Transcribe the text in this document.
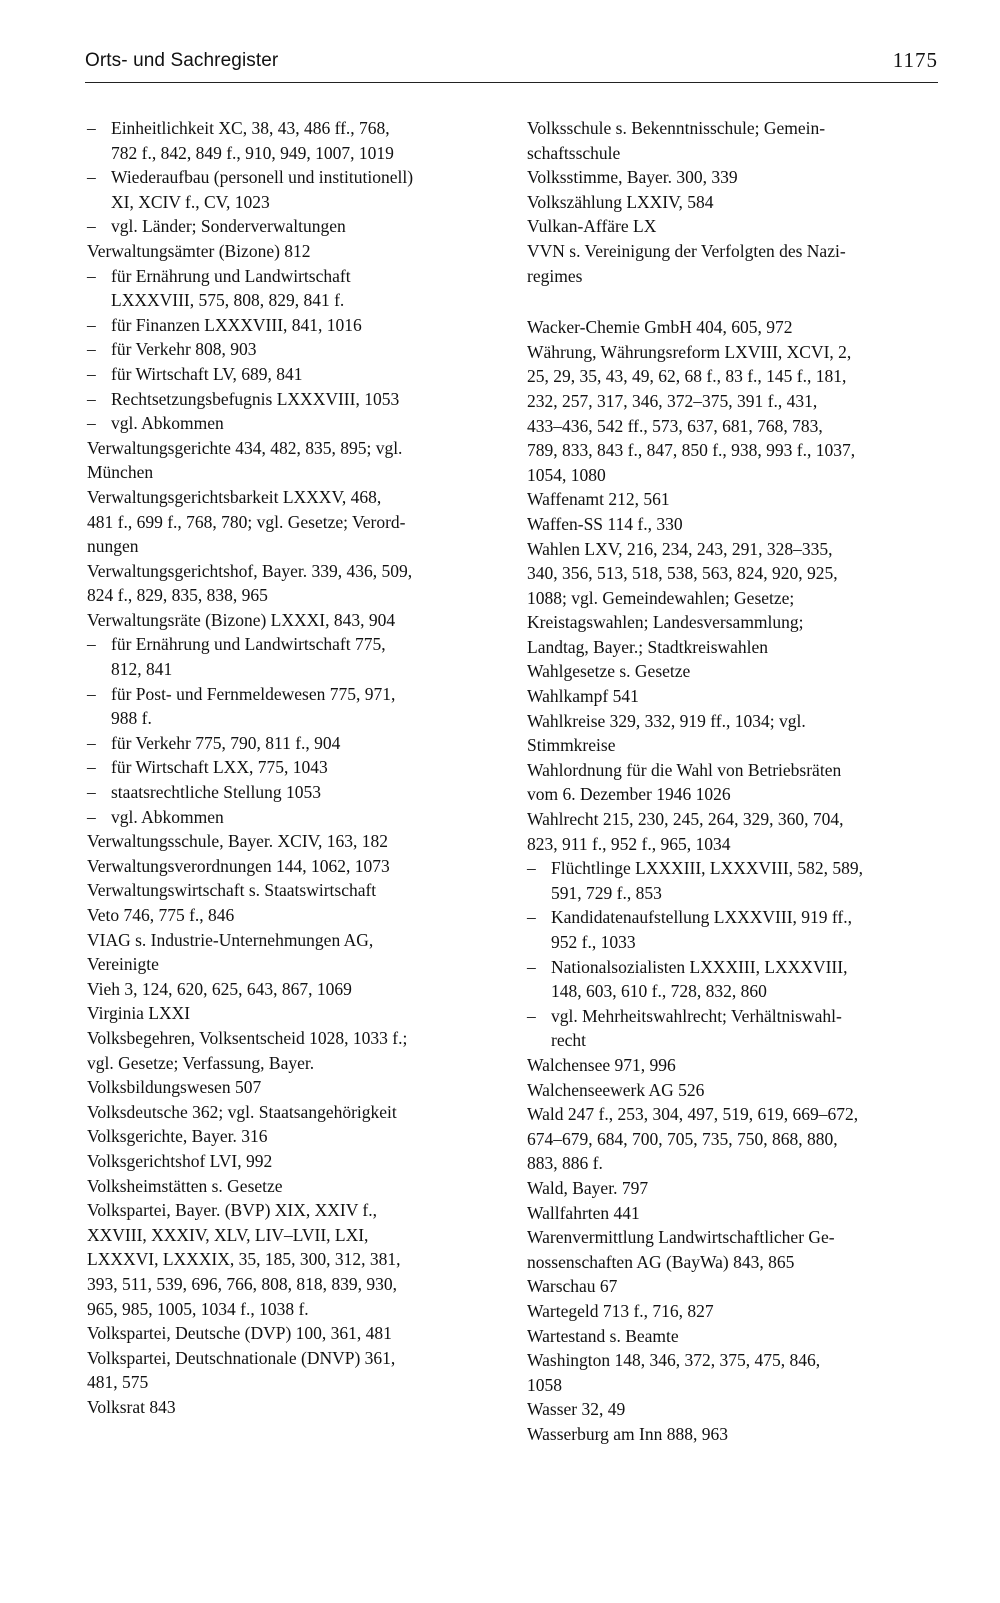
Orts- und Sachregister	1175
– Einheitlichkeit XC, 38, 43, 486 ff., 768,
782 f., 842, 849 f., 910, 949, 1007, 1019
– Wiederaufbau (personell und institutionell)
XI, XCIV f., CV, 1023
– vgl. Länder; Sonderverwaltungen
Verwaltungsämter (Bizone) 812
– für Ernährung und Landwirtschaft
LXXXVIII, 575, 808, 829, 841 f.
– für Finanzen LXXXVIII, 841, 1016
– für Verkehr 808, 903
– für Wirtschaft LV, 689, 841
– Rechtsetzungsbefugnis LXXXVIII, 1053
– vgl. Abkommen
Verwaltungsgerichte 434, 482, 835, 895; vgl.
München
Verwaltungsgerichtsbarkeit LXXXV, 468,
481 f., 699 f., 768, 780; vgl. Gesetze; Verord-
nungen
Verwaltungsgerichtshof, Bayer. 339, 436, 509,
824 f., 829, 835, 838, 965
Verwaltungsräte (Bizone) LXXXI, 843, 904
– für Ernährung und Landwirtschaft 775,
812, 841
– für Post- und Fernmeldewesen 775, 971,
988 f.
– für Verkehr 775, 790, 811 f., 904
– für Wirtschaft LXX, 775, 1043
– staatsrechtliche Stellung 1053
– vgl. Abkommen
Verwaltungsschule, Bayer. XCIV, 163, 182
Verwaltungsverordnungen 144, 1062, 1073
Verwaltungswirtschaft s. Staatswirtschaft
Veto 746, 775 f., 846
VIAG s. Industrie-Unternehmungen AG,
Vereinigte
Vieh 3, 124, 620, 625, 643, 867, 1069
Virginia LXXI
Volksbegehren, Volksentscheid 1028, 1033 f.;
vgl. Gesetze; Verfassung, Bayer.
Volksbildungswesen 507
Volksdeutsche 362; vgl. Staatsangehörigkeit
Volksgerichte, Bayer. 316
Volksgerichtshof LVI, 992
Volksheimstätten s. Gesetze
Volkspartei, Bayer. (BVP) XIX, XXIV f.,
XXVIII, XXXIV, XLV, LIV–LVII, LXI,
LXXXVI, LXXXIX, 35, 185, 300, 312, 381,
393, 511, 539, 696, 766, 808, 818, 839, 930,
965, 985, 1005, 1034 f., 1038 f.
Volkspartei, Deutsche (DVP) 100, 361, 481
Volkspartei, Deutschnationale (DNVP) 361,
481, 575
Volksrat 843
Volksschule s. Bekenntnisschule; Gemein-
schaftsschule
Volksstimme, Bayer. 300, 339
Volkszählung LXXIV, 584
Vulkan-Affäre LX
VVN s. Vereinigung der Verfolgten des Nazi-
regimes
Wacker-Chemie GmbH 404, 605, 972
Währung, Währungsreform LXVIII, XCVI, 2,
25, 29, 35, 43, 49, 62, 68 f., 83 f., 145 f., 181,
232, 257, 317, 346, 372–375, 391 f., 431,
433–436, 542 ff., 573, 637, 681, 768, 783,
789, 833, 843 f., 847, 850 f., 938, 993 f., 1037,
1054, 1080
Waffenamt 212, 561
Waffen-SS 114 f., 330
Wahlen LXV, 216, 234, 243, 291, 328–335,
340, 356, 513, 518, 538, 563, 824, 920, 925,
1088; vgl. Gemeindewahlen; Gesetze;
Kreistagswahlen; Landesversammlung;
Landtag, Bayer.; Stadtkreiswahlen
Wahlgesetze s. Gesetze
Wahlkampf 541
Wahlkreise 329, 332, 919 ff., 1034; vgl.
Stimmkreise
Wahlordnung für die Wahl von Betriebsräten
vom 6. Dezember 1946 1026
Wahlrecht 215, 230, 245, 264, 329, 360, 704,
823, 911 f., 952 f., 965, 1034
– Flüchtlinge LXXXIII, LXXXVIII, 582, 589,
591, 729 f., 853
– Kandidatenaufstellung LXXXVIII, 919 ff.,
952 f., 1033
– Nationalsozialisten LXXXIII, LXXXVIII,
148, 603, 610 f., 728, 832, 860
– vgl. Mehrheitswahlrecht; Verhältniswahl-
recht
Walchensee 971, 996
Walchenseewerk AG 526
Wald 247 f., 253, 304, 497, 519, 619, 669–672,
674–679, 684, 700, 705, 735, 750, 868, 880,
883, 886 f.
Wald, Bayer. 797
Wallfahrten 441
Warenvermittlung Landwirtschaftlicher Ge-
nossenschaften AG (BayWa) 843, 865
Warschau 67
Wartegeld 713 f., 716, 827
Wartestand s. Beamte
Washington 148, 346, 372, 375, 475, 846,
1058
Wasser 32, 49
Wasserburg am Inn 888, 963
